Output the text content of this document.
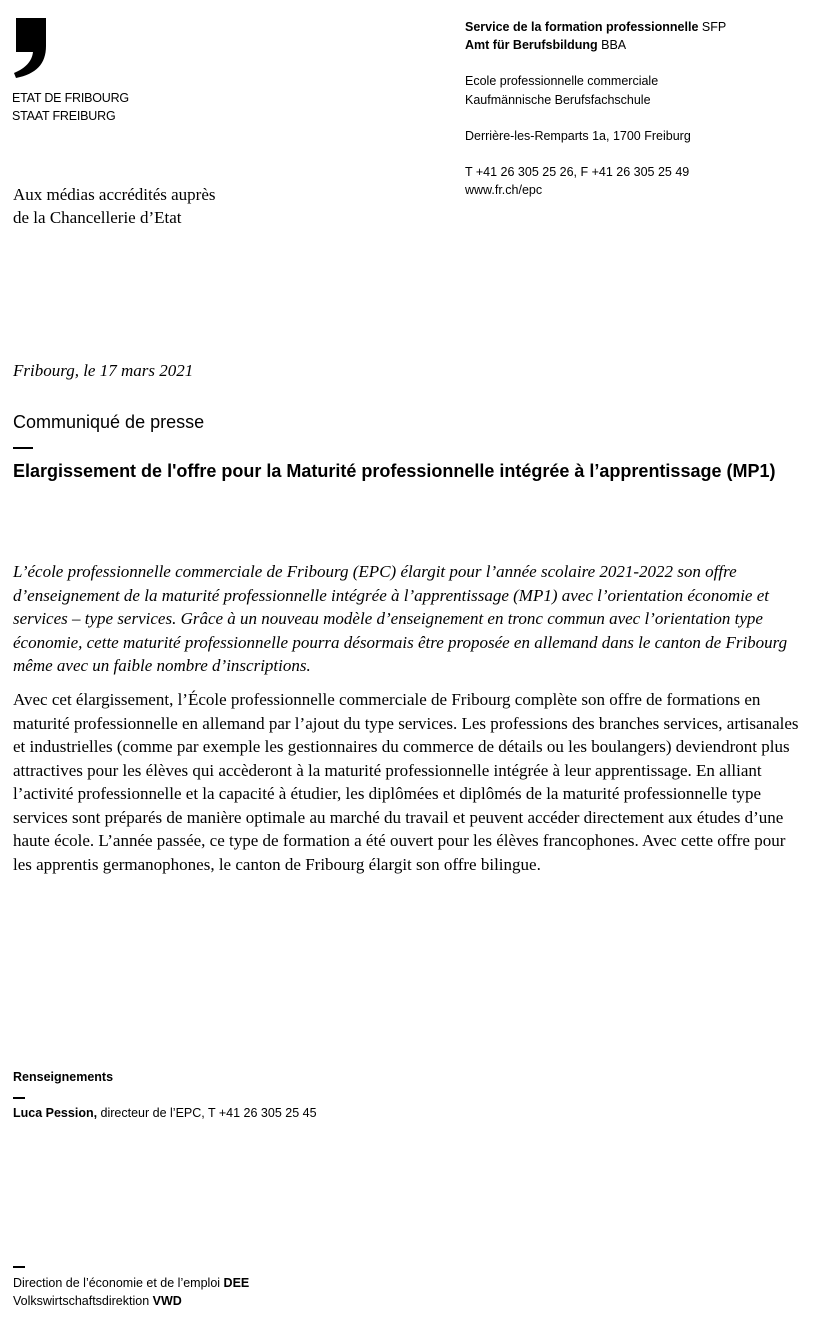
ETAT DE FRIBOURG
STAAT FREIBURG
Service de la formation professionnelle SFP
Amt für Berufsbildung BBA
Ecole professionnelle commerciale
Kaufmännische Berufsfachschule
Derrière-les-Remparts 1a, 1700 Freiburg
T +41 26 305 25 26, F +41 26 305 25 49
www.fr.ch/epc
Aux médias accrédités auprès
de la Chancellerie d’Etat
Fribourg, le 17 mars 2021
Communiqué de presse
Elargissement de l'offre pour la Maturité professionnelle intégrée à l’apprentissage (MP1)
L’école professionnelle commerciale de Fribourg (EPC) élargit pour l’année scolaire 2021-2022 son offre d’enseignement de la maturité professionnelle intégrée à l’apprentissage (MP1) avec l’orientation économie et services – type services. Grâce à un nouveau modèle d’enseignement en tronc commun avec l’orientation type économie, cette maturité professionnelle pourra désormais être proposée en allemand dans le canton de Fribourg même avec un faible nombre d’inscriptions.
Avec cet élargissement, l’École professionnelle commerciale de Fribourg complète son offre de formations en maturité professionnelle en allemand par l’ajout du type services. Les professions des branches services, artisanales et industrielles (comme par exemple les gestionnaires du commerce de détails ou les boulangers) deviendront plus attractives pour les élèves qui accèderont à la maturité professionnelle intégrée à leur apprentissage. En alliant l’activité professionnelle et la capacité à étudier, les diplômées et diplômés de la maturité professionnelle type services sont préparés de manière optimale au marché du travail et peuvent accéder directement aux études d’une haute école. L’année passée, ce type de formation a été ouvert pour les élèves francophones. Avec cette offre pour les apprentis germanophones, le canton de Fribourg élargit son offre bilingue.
Renseignements
Luca Pession, directeur de l’EPC, T +41 26 305 25 45
Direction de l’économie et de l’emploi DEE
Volkswirtschaftsdirektion VWD
